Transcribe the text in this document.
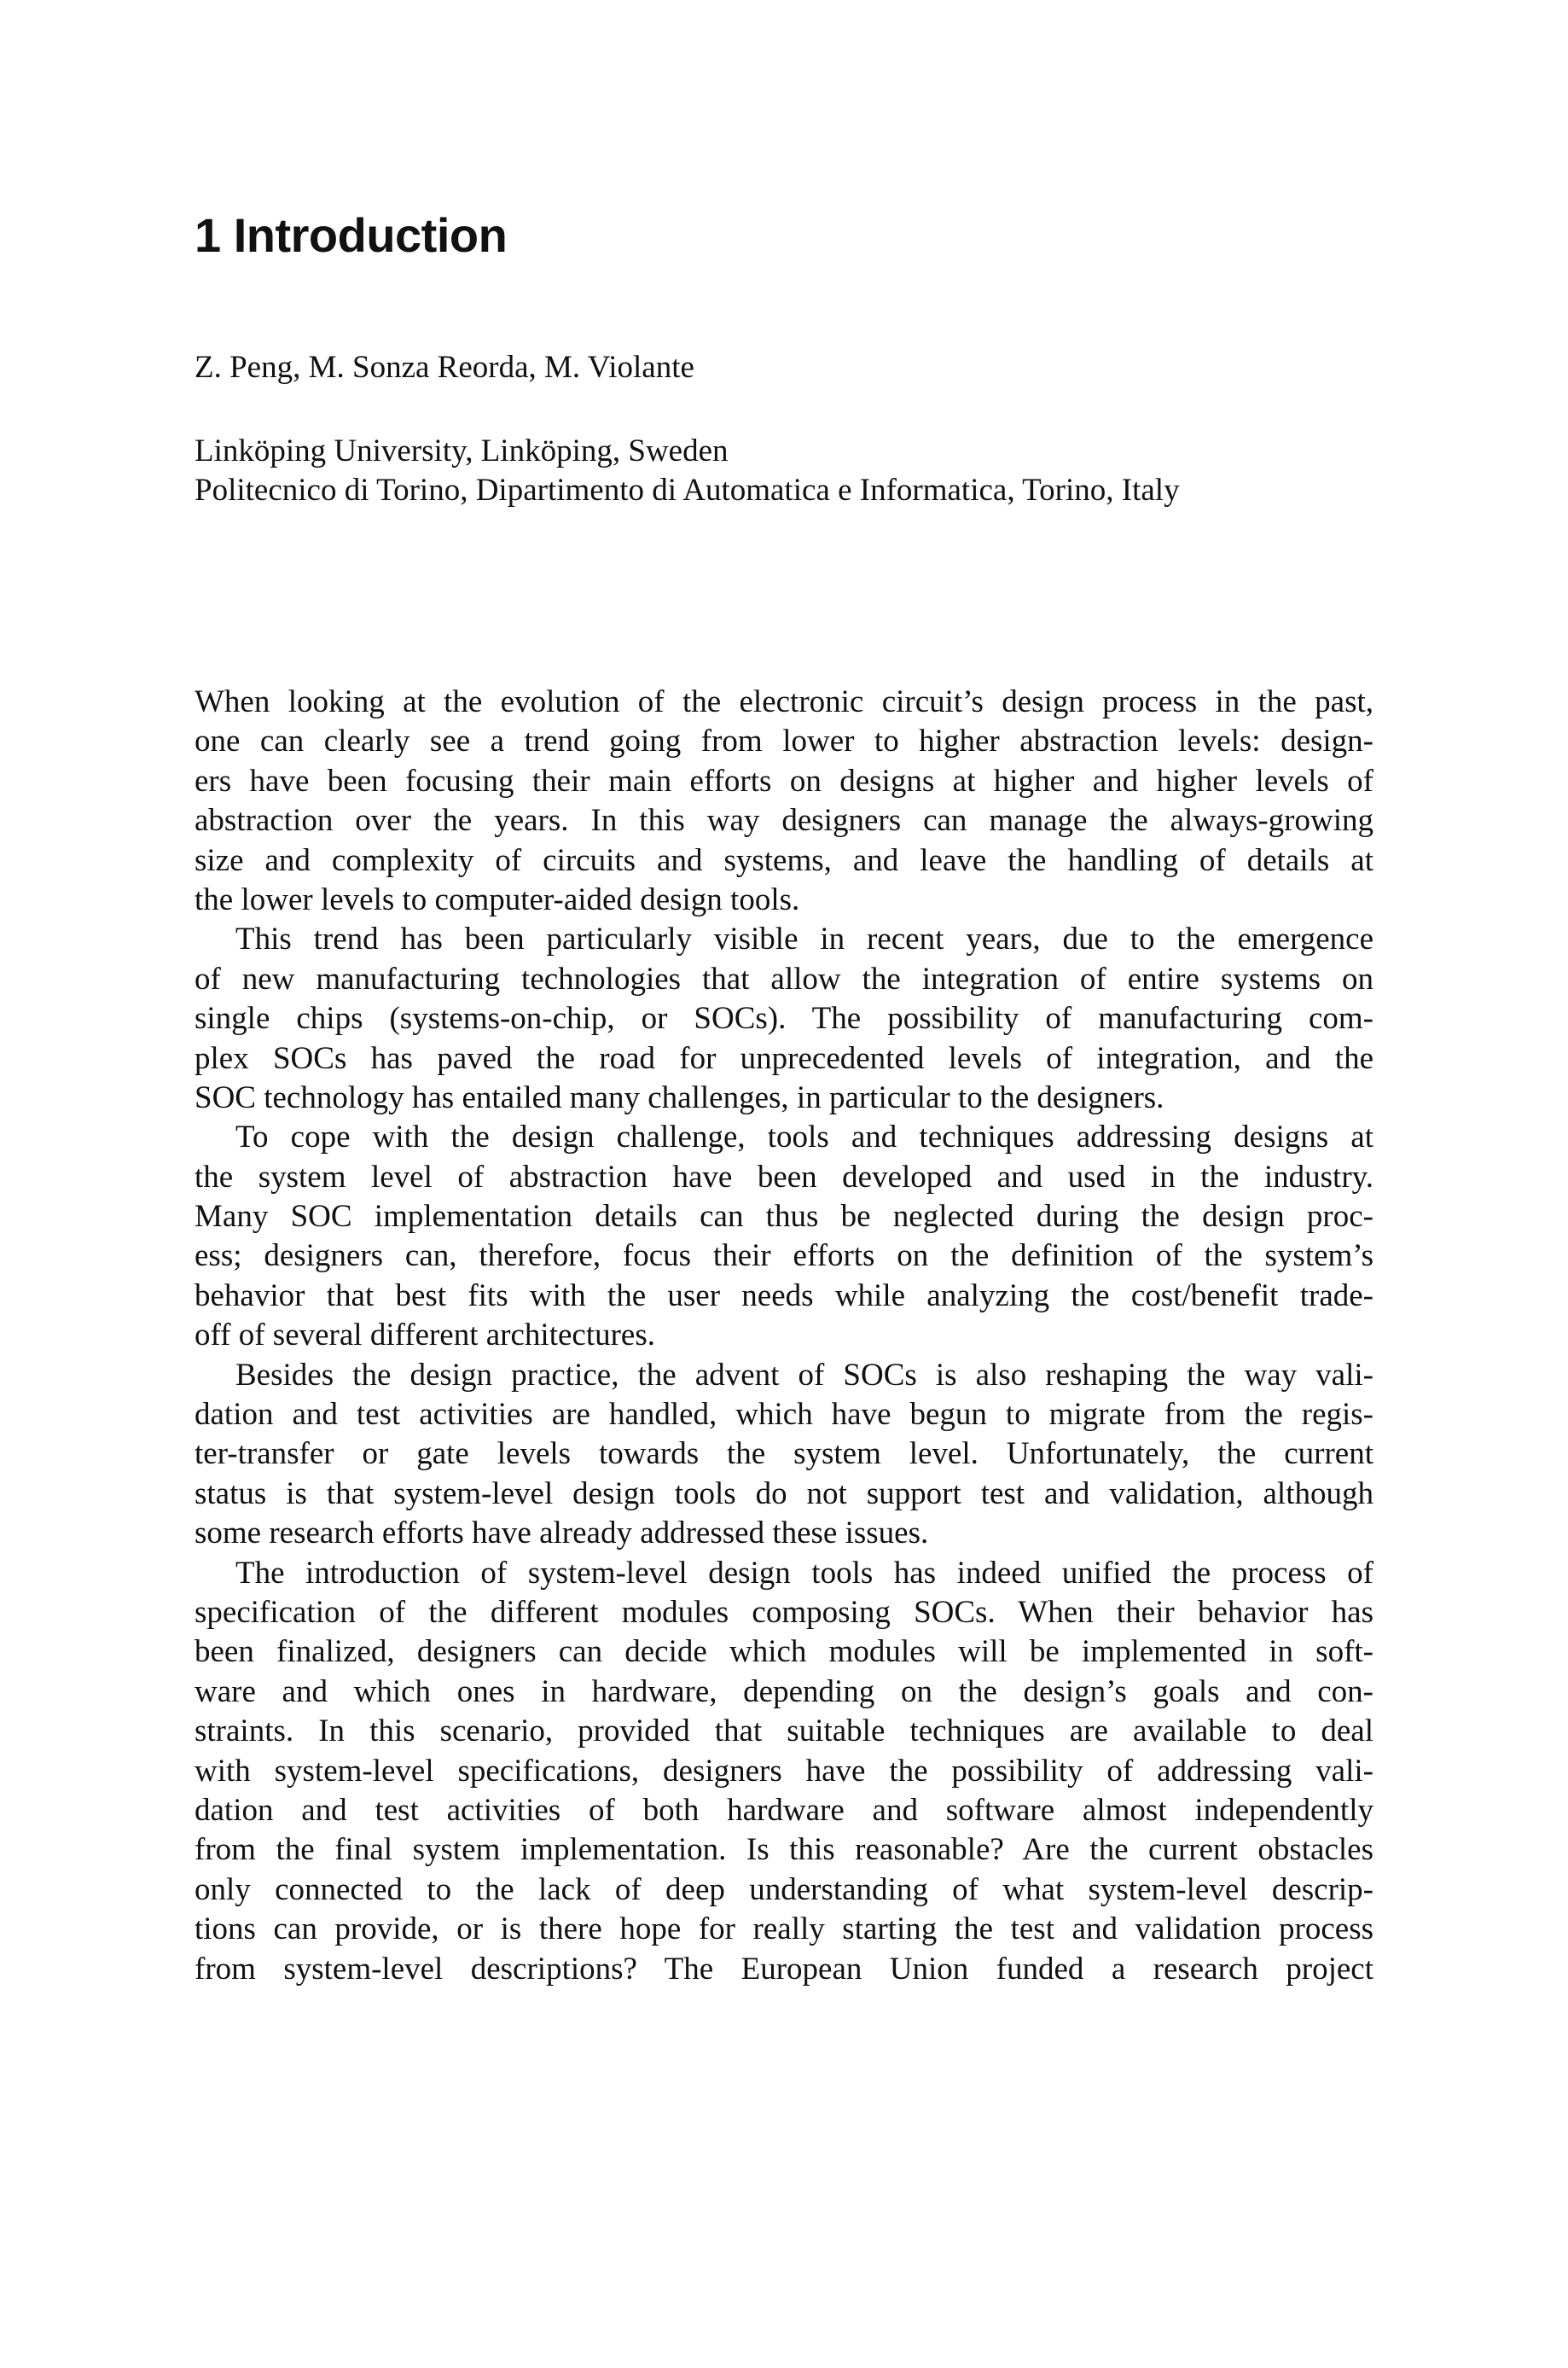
1 Introduction

Z. Peng, M. Sonza Reorda, M. Violante

Linköping University, Linköping, Sweden
Politecnico di Torino, Dipartimento di Automatica e Informatica, Torino, Italy
When looking at the evolution of the electronic circuit’s design process in the past,
one can clearly see a trend going from lower to higher abstraction levels: design-
ers have been focusing their main efforts on designs at higher and higher levels of
abstraction over the years. In this way designers can manage the always-growing
size and complexity of circuits and systems, and leave the handling of details at
the lower levels to computer-aided design tools.
This trend has been particularly visible in recent years, due to the emergence
of new manufacturing technologies that allow the integration of entire systems on
single chips (systems-on-chip, or SOCs). The possibility of manufacturing com-
plex SOCs has paved the road for unprecedented levels of integration, and the
SOC technology has entailed many challenges, in particular to the designers.
To cope with the design challenge, tools and techniques addressing designs at
the system level of abstraction have been developed and used in the industry.
Many SOC implementation details can thus be neglected during the design proc-
ess; designers can, therefore, focus their efforts on the definition of the system’s
behavior that best fits with the user needs while analyzing the cost/benefit trade-
off of several different architectures.
Besides the design practice, the advent of SOCs is also reshaping the way vali-
dation and test activities are handled, which have begun to migrate from the regis-
ter-transfer or gate levels towards the system level. Unfortunately, the current
status is that system-level design tools do not support test and validation, although
some research efforts have already addressed these issues.
The introduction of system-level design tools has indeed unified the process of
specification of the different modules composing SOCs. When their behavior has
been finalized, designers can decide which modules will be implemented in soft-
ware and which ones in hardware, depending on the design’s goals and con-
straints. In this scenario, provided that suitable techniques are available to deal
with system-level specifications, designers have the possibility of addressing vali-
dation and test activities of both hardware and software almost independently
from the final system implementation. Is this reasonable? Are the current obstacles
only connected to the lack of deep understanding of what system-level descrip-
tions can provide, or is there hope for really starting the test and validation process
from system-level descriptions? The European Union funded a research project
